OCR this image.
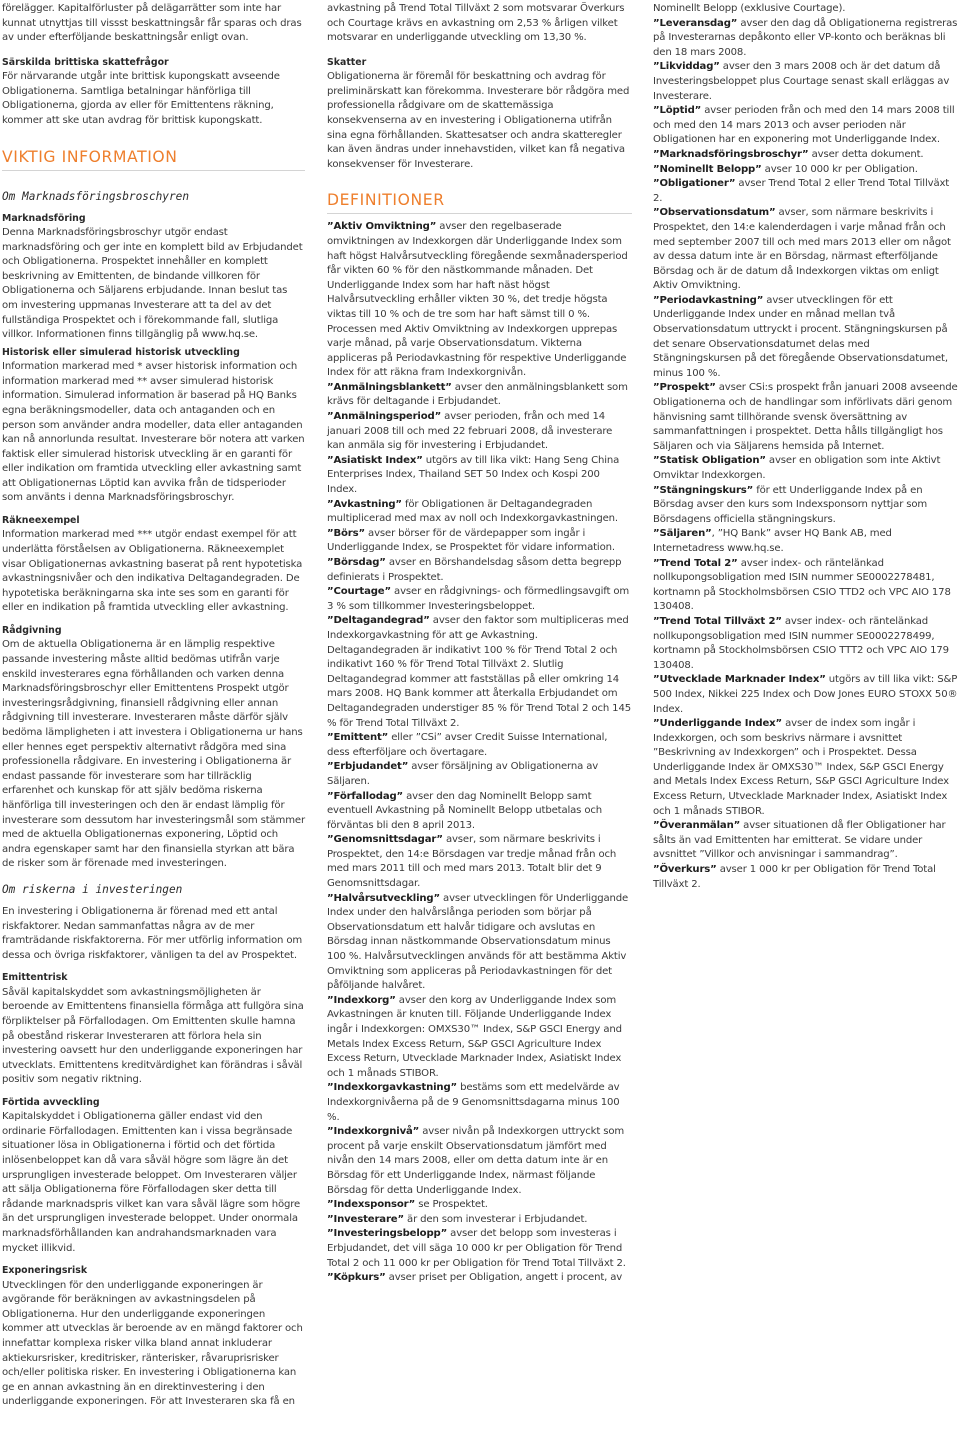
förelägger. Kapitalförluster på delägarrätter som inte har kunnat utnyttjas till vissst beskattningsår får sparas och dras av under efterföljande beskattningsår enligt ovan.

Särskilda brittiska skattefrågor

För närvarande utgår inte brittisk kupongskatt avseende Obligationerna. Samtliga betalningar hänförliga till Obligationerna, gjorda av eller för Emittentens räkning, kommer att ske utan avdrag för brittisk kupongskatt.

VIKTIG INFORMATION

Om Marknadsföringsbroschyren

Marknadsföring

Denna Marknadsföringsbroschyr utgör endast marknadsföring och ger inte en komplett bild av Erbjudandet och Obligationerna. Prospektet innehåller en komplett beskrivning av Emittenten, de bindande villkoren för Obligationerna och Säljarens erbjudande. Innan beslut tas om investering uppmanas Investerare att ta del av det fullständiga Prospektet och i förekommande fall, slutliga villkor. Informationen finns tillgänglig på www.hq.se.

Historisk eller simulerad historisk utveckling

Information markerad med * avser historisk information och information markerad med ** avser simulerad historisk information. Simulerad information är baserad på HQ Banks egna beräkningsmodeller, data och antaganden och en person som använder andra modeller, data eller antaganden kan nå annorlunda resultat. Investerare bör notera att varken faktisk eller simulerad historisk utveckling är en garanti för eller indikation om framtida utveckling eller avkastning samt att Obligationernas Löptid kan avvika från de tidsperioder som använts i denna Marknadsföringsbroschyr.

Räkneexempel

Information markerad med *** utgör endast exempel för att underlätta förståelsen av Obligationerna. Räkneexemplet visar Obligationernas avkastning baserat på rent hypotetiska avkastningsnivåer och den indikativa Deltagandegraden. De hypotetiska beräkningarna ska inte ses som en garanti för eller en indikation på framtida utveckling eller avkastning.

Rådgivning

Om de aktuella Obligationerna är en lämplig respektive passande investering måste alltid bedömas utifrån varje enskild investerares egna förhållanden och varken denna Marknadsföringsbroschyr eller Emittentens Prospekt utgör investeringsrådgivning, finansiell rådgivning eller annan rådgivning till investerare. Investeraren måste därför själv bedöma lämpligheten i att investera i Obligationerna ur hans eller hennes eget perspektiv alternativt rådgöra med sina professionella rådgivare. En investering i Obligationerna är endast passande för investerare som har tillräcklig erfarenhet och kunskap för att själv bedöma riskerna hänförliga till investeringen och den är endast lämplig för investerare som dessutom har investeringsmål som stämmer med de aktuella Obligationernas exponering, Löptid och andra egenskaper samt har den finansiella styrkan att bära de risker som är förenade med investeringen.

Om riskerna i investeringen

En investering i Obligationerna är förenad med ett antal riskfaktorer. Nedan sammanfattas några av de mer framträdande riskfaktorerna. För mer utförlig information om dessa och övriga riskfaktorer, vänligen ta del av Prospektet.

Emittentrisk

Såväl kapitalskyddet som avkastningsmöjligheten är beroende av Emittentens finansiella förmåga att fullgöra sina förpliktelser på Förfallodagen. Om Emittenten skulle hamna på obestånd riskerar Investeraren att förlora hela sin investering oavsett hur den underliggande exponeringen har utvecklats. Emittentens kreditvärdighet kan förändras i såväl positiv som negativ riktning.

Förtida avveckling

Kapitalskyddet i Obligationerna gäller endast vid den ordinarie Förfallodagen. Emittenten kan i vissa begränsade situationer lösa in Obligationerna i förtid och det förtida inlösenbeloppet kan då vara såväl högre som lägre än det ursprungligen investerade beloppet. Om Investeraren väljer att sälja Obligationerna före Förfallodagen sker detta till rådande marknadspris vilket kan vara såväl lägre som högre än det ursprungligen investerade beloppet. Under onormala marknadsförhållanden kan andrahandsmarknaden vara mycket illikvid.

Exponeringsrisk

Utvecklingen för den underliggande exponeringen är avgörande för beräkningen av avkastningsdelen på Obligationerna. Hur den underliggande exponeringen kommer att utvecklas är beroende av en mängd faktorer och innefattar komplexa risker vilka bland annat inkluderar aktiekursrisker, kreditrisker, ränterisker, råvaruprisrisker och/eller politiska risker. En investering i Obligationerna kan ge en annan avkastning än en direktinvestering i den underliggande exponeringen. För att Investeraren ska få en

avkastning på Trend Total Tillväxt 2 som motsvarar Överkurs och Courtage krävs en avkastning om 2,53 % årligen vilket motsvarar en underliggande utveckling om 13,30 %.

Skatter

Obligationerna är föremål för beskattning och avdrag för preliminärskatt kan förekomma. Investerare bör rådgöra med professionella rådgivare om de skattemässiga konsekvenserna av en investering i Obligationerna utifrån sina egna förhållanden. Skattesatser och andra skatteregler kan även ändras under innehavstiden, vilket kan få negativa konsekvenser för Investerare.

DEFINITIONER

”Aktiv Omviktning” avser den regelbaserade omviktningen av Indexkorgen där Underliggande Index som haft högst Halvårsutveckling föregående sexmånadersperiod får vikten 60 % för den nästkommande månaden. Det Underliggande Index som har haft näst högst Halvårsutveckling erhåller vikten 30 %, det tredje högsta viktas till 10 % och de tre som har haft sämst till 0 %. Processen med Aktiv Omviktning av Indexkorgen upprepas varje månad, på varje Observationsdatum. Vikterna appliceras på Periodavkastning för respektive Underliggande Index för att räkna fram Indexkorgnivån.

”Anmälningsblankett” avser den anmälningsblankett som krävs för deltagande i Erbjudandet.

”Anmälningsperiod” avser perioden, från och med 14 januari 2008 till och med 22 februari 2008, då investerare kan anmäla sig för investering i Erbjudandet.

”Asiatiskt Index” utgörs av till lika vikt: Hang Seng China Enterprises Index, Thailand SET 50 Index och Kospi 200 Index.

”Avkastning” för Obligationen är Deltagandegraden multiplicerad med max av noll och Indexkorgavkastningen.

”Börs” avser börser för de värdepapper som ingår i Underliggande Index, se Prospektet för vidare information.

”Börsdag” avser en Börshandelsdag såsom detta begrepp definierats i Prospektet.

”Courtage” avser en rådgivnings- och förmedlingsavgift om 3 % som tillkommer Investeringsbeloppet.

”Deltagandegrad” avser den faktor som multipliceras med Indexkorgavkastning för att ge Avkastning. Deltagandegraden är indikativt 100 % för Trend Total 2 och indikativt 160 % för Trend Total Tillväxt 2. Slutlig Deltagandegrad kommer att fastställas på eller omkring 14 mars 2008. HQ Bank kommer att återkalla Erbjudandet om Deltagandegraden understiger 85 % för Trend Total 2 och 145 % för Trend Total Tillväxt 2.

”Emittent” eller ”CSi” avser Credit Suisse International, dess efterföljare och övertagare.

”Erbjudandet” avser försäljning av Obligationerna av Säljaren.

”Förfallodag” avser den dag Nominellt Belopp samt eventuell Avkastning på Nominellt Belopp utbetalas och förväntas bli den 8 april 2013.

”Genomsnittsdagar” avser, som närmare beskrivits i Prospektet, den 14:e Börsdagen var tredje månad från och med mars 2011 till och med mars 2013. Totalt blir det 9 Genomsnittsdagar.

”Halvårsutveckling” avser utvecklingen för Underliggande Index under den halvårslånga perioden som börjar på Observationsdatum ett halvår tidigare och avslutas en Börsdag innan nästkommande Observationsdatum minus 100 %. Halvårsutvecklingen används för att bestämma Aktiv Omviktning som appliceras på Periodavkastningen för det påföljande halvåret.

”Indexkorg” avser den korg av Underliggande Index som Avkastningen är knuten till. Följande Underliggande Index ingår i Indexkorgen: OMXS30™ Index, S&P GSCI Energy and Metals Index Excess Return, S&P GSCI Agriculture Index Excess Return, Utvecklade Marknader Index, Asiatiskt Index och 1 månads STIBOR.

”Indexkorgavkastning” bestäms som ett medelvärde av Indexkorgnivåerna på de 9 Genomsnittsdagarna minus 100 %.

”Indexkorgnivå” avser nivån på Indexkorgen uttryckt som procent på varje enskilt Observationsdatum jämfört med nivån den 14 mars 2008, eller om detta datum inte är en Börsdag för ett Underliggande Index, närmast följande Börsdag för detta Underliggande Index.

”Indexsponsor” se Prospektet.

”Investerare” är den som investerar i Erbjudandet.

”Investeringsbelopp” avser det belopp som investeras i Erbjudandet, det vill säga 10 000 kr per Obligation för Trend Total 2 och 11 000 kr per Obligation för Trend Total Tillväxt 2.

”Köpkurs” avser priset per Obligation, angett i procent, av

Nominellt Belopp (exklusive Courtage).

”Leveransdag” avser den dag då Obligationerna registreras på Investerarnas depåkonto eller VP-konto och beräknas bli den 18 mars 2008.

”Likviddag” avser den 3 mars 2008 och är det datum då Investeringsbeloppet plus Courtage senast skall erläggas av Investerare.

”Löptid” avser perioden från och med den 14 mars 2008 till och med den 14 mars 2013 och avser perioden när Obligationen har en exponering mot Underliggande Index.

”Marknadsföringsbroschyr” avser detta dokument.

”Nominellt Belopp” avser 10 000 kr per Obligation.

”Obligationer” avser Trend Total 2 eller Trend Total Tillväxt 2.

”Observationsdatum” avser, som närmare beskrivits i Prospektet, den 14:e kalenderdagen i varje månad från och med september 2007 till och med mars 2013 eller om något av dessa datum inte är en Börsdag, närmast efterföljande Börsdag och är de datum då Indexkorgen viktas om enligt Aktiv Omviktning.

”Periodavkastning” avser utvecklingen för ett Underliggande Index under en månad mellan två Observationsdatum uttryckt i procent. Stängningskursen på det senare Observationsdatumet delas med Stängningskursen på det föregående Observationsdatumet, minus 100 %.

”Prospekt” avser CSi:s prospekt från januari 2008 avseende Obligationerna och de handlingar som införlivats däri genom hänvisning samt tillhörande svensk översättning av sammanfattningen i prospektet. Detta hålls tillgängligt hos Säljaren och via Säljarens hemsida på Internet.

”Statisk Obligation” avser en obligation som inte Aktivt Omviktar Indexkorgen.

”Stängningskurs” för ett Underliggande Index på en Börsdag avser den kurs som Indexsponsorn nyttjar som Börsdagens officiella stängningskurs.

”Säljaren”, ”HQ Bank” avser HQ Bank AB, med Internetadress www.hq.se.

”Trend Total 2” avser index- och räntelänkad nollkupongsobligation med ISIN nummer SE0002278481, kortnamn på Stockholmsbörsen CSIO TTD2 och VPC AIO 178 130408.

”Trend Total Tillväxt 2” avser index- och räntelänkad nollkupongsobligation med ISIN nummer SE0002278499, kortnamn på Stockholmsbörsen CSIO TTT2 och VPC AIO 179 130408.

”Utvecklade Marknader Index” utgörs av till lika vikt: S&P 500 Index, Nikkei 225 Index och Dow Jones EURO STOXX 50® Index.

”Underliggande Index” avser de index som ingår i Indexkorgen, och som beskrivs närmare i avsnittet ”Beskrivning av Indexkorgen” och i Prospektet. Dessa Underliggande Index är OMXS30™ Index, S&P GSCI Energy and Metals Index Excess Return, S&P GSCI Agriculture Index Excess Return, Utvecklade Marknader Index, Asiatiskt Index och 1 månads STIBOR.

”Överanmälan” avser situationen då fler Obligationer har sålts än vad Emittenten har emitterat. Se vidare under avsnittet ”Villkor och anvisningar i sammandrag”.

”Överkurs” avser 1 000 kr per Obligation för Trend Total Tillväxt 2.
